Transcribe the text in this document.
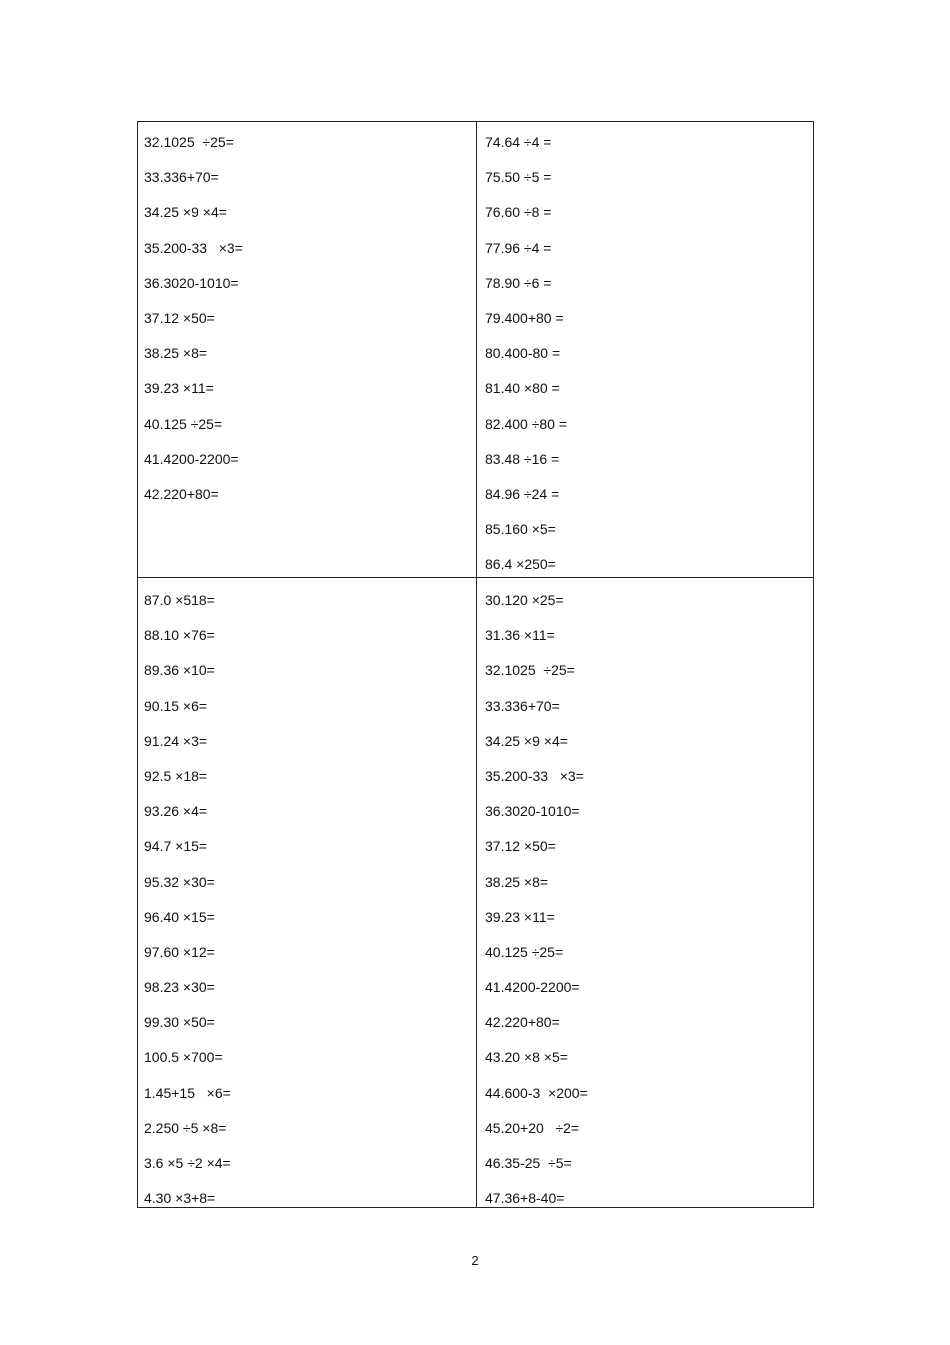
32.1025  ÷25=
33.336+70=
34.25 ×9 ×4=
35.200-33   ×3=
36.3020-1010=
37.12 ×50=
38.25 ×8=
39.23 ×11=
40.125 ÷25=
41.4200-2200=
42.220+80=
74.64 ÷4 =
75.50 ÷5 =
76.60 ÷8 =
77.96 ÷4 =
78.90 ÷6 =
79.400+80 =
80.400-80 =
81.40 ×80 =
82.400 ÷80 =
83.48 ÷16 =
84.96 ÷24 =
85.160 ×5=
86.4 ×250=
87.0 ×518=
88.10 ×76=
89.36 ×10=
90.15 ×6=
91.24 ×3=
92.5 ×18=
93.26 ×4=
94.7 ×15=
95.32 ×30=
96.40 ×15=
97.60 ×12=
98.23 ×30=
99.30 ×50=
100.5 ×700=
1.45+15   ×6=
2.250 ÷5 ×8=
3.6 ×5 ÷2 ×4=
4.30 ×3+8=
30.120 ×25=
31.36 ×11=
32.1025  ÷25=
33.336+70=
34.25 ×9 ×4=
35.200-33   ×3=
36.3020-1010=
37.12 ×50=
38.25 ×8=
39.23 ×11=
40.125 ÷25=
41.4200-2200=
42.220+80=
43.20 ×8 ×5=
44.600-3  ×200=
45.20+20   ÷2=
46.35-25  ÷5=
47.36+8-40=
2
